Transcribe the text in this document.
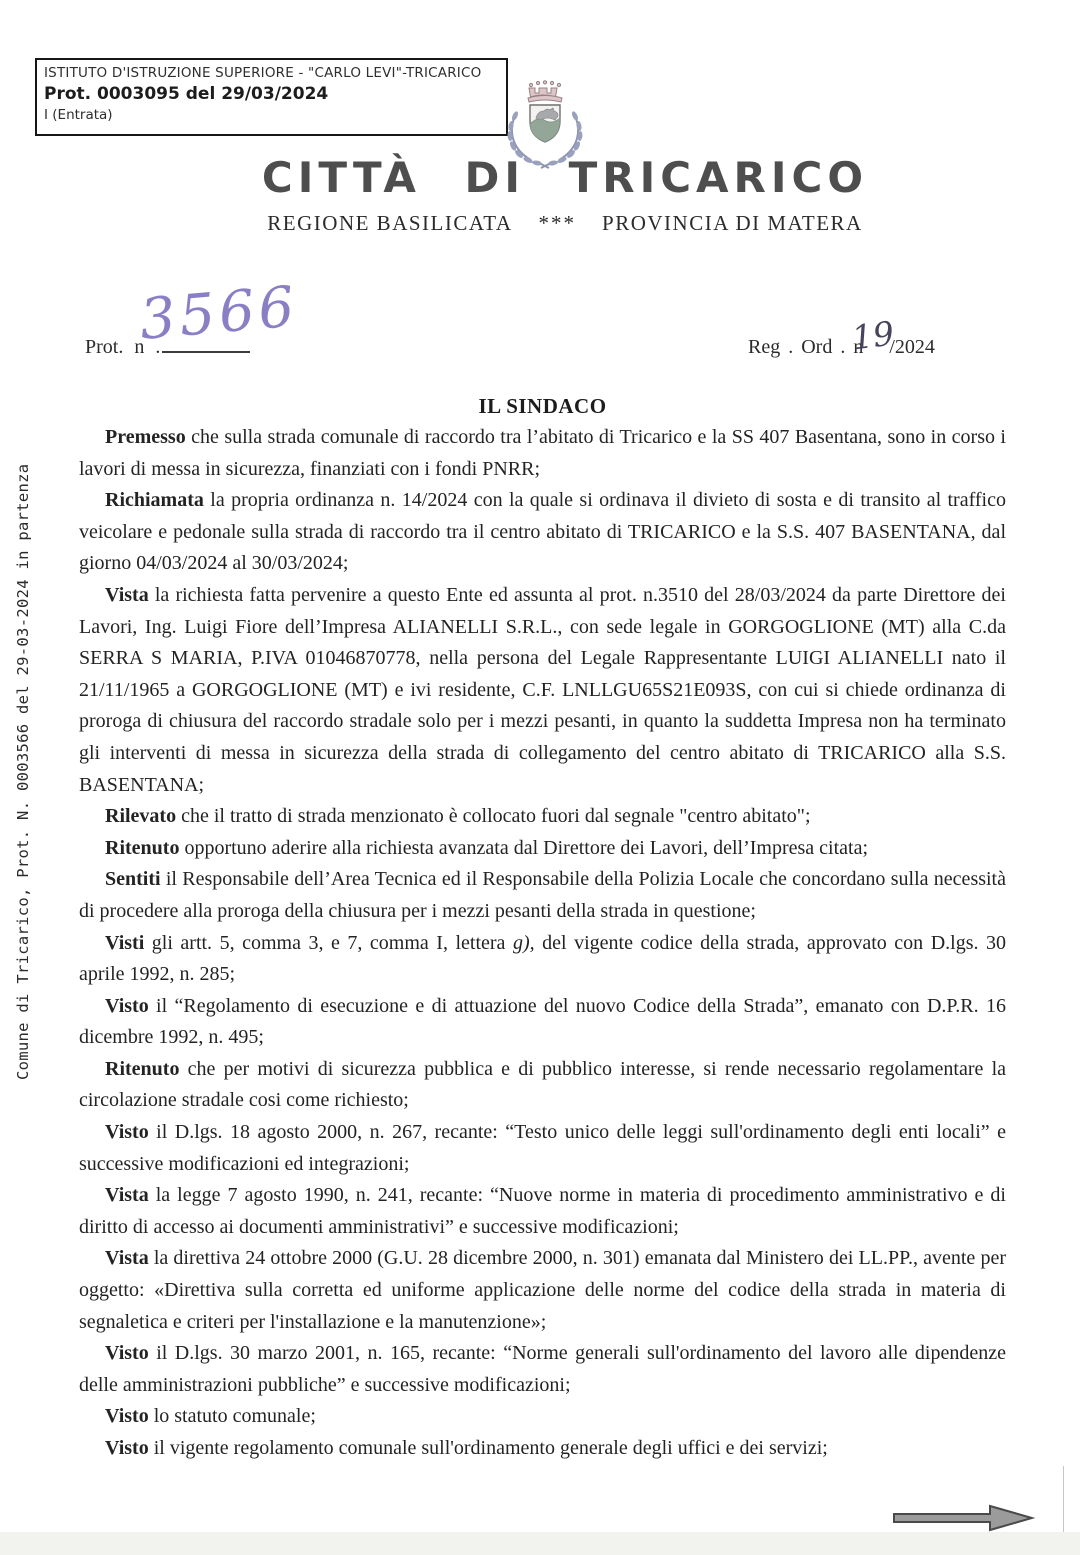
ISTITUTO D'ISTRUZIONE SUPERIORE - "CARLO LEVI"-TRICARICO
Prot. 0003095 del 29/03/2024
I (Entrata)
CITTÀ DI TRICARICO
REGIONE BASILICATA *** PROVINCIA DI MATERA
Prot. n .
3566	Reg . Ord . n /2024
19
IL SINDACO

Premesso che sulla strada comunale di raccordo tra l’abitato di Tricarico e la SS 407 Basentana, sono in corso i lavori di messa in sicurezza, finanziati con i fondi PNRR;

Richiamata la propria ordinanza n. 14/2024 con la quale si ordinava il divieto di sosta e di transito al traffico veicolare e pedonale sulla strada di raccordo tra il centro abitato di TRICARICO e la S.S. 407 BASENTANA, dal giorno 04/03/2024 al 30/03/2024;

Vista la richiesta fatta pervenire a questo Ente ed assunta al prot. n.3510 del 28/03/2024 da parte Direttore dei Lavori, Ing. Luigi Fiore dell’Impresa ALIANELLI S.R.L., con sede legale in GORGOGLIONE (MT) alla C.da SERRA S MARIA, P.IVA 01046870778, nella persona del Legale Rappresentante LUIGI ALIANELLI nato il 21/11/1965 a GORGOGLIONE (MT) e ivi residente, C.F. LNLLGU65S21E093S, con cui si chiede ordinanza di proroga di chiusura del raccordo stradale solo per i mezzi pesanti, in quanto la suddetta Impresa non ha terminato gli interventi di messa in sicurezza della strada di collegamento del centro abitato di TRICARICO alla S.S. BASENTANA;

Rilevato che il tratto di strada menzionato è collocato fuori dal segnale "centro abitato";

Ritenuto opportuno aderire alla richiesta avanzata dal Direttore dei Lavori, dell’Impresa citata;

Sentiti il Responsabile dell’Area Tecnica ed il Responsabile della Polizia Locale che concordano sulla necessità di procedere alla proroga della chiusura per i mezzi pesanti della strada in questione;

Visti gli artt. 5, comma 3, e 7, comma I, lettera g), del vigente codice della strada, approvato con D.lgs. 30 aprile 1992, n. 285;

Visto il “Regolamento di esecuzione e di attuazione del nuovo Codice della Strada”, emanato con D.P.R. 16 dicembre 1992, n. 495;

Ritenuto che per motivi di sicurezza pubblica e di pubblico interesse, si rende necessario regolamentare la circolazione stradale cosi come richiesto;

Visto il D.lgs. 18 agosto 2000, n. 267, recante: “Testo unico delle leggi sull'ordinamento degli enti locali” e successive modificazioni ed integrazioni;

Vista la legge 7 agosto 1990, n. 241, recante: “Nuove norme in materia di procedimento amministrativo e di diritto di accesso ai documenti amministrativi” e successive modificazioni;

Vista la direttiva 24 ottobre 2000 (G.U. 28 dicembre 2000, n. 301) emanata dal Ministero dei LL.PP., avente per oggetto: «Direttiva sulla corretta ed uniforme applicazione delle norme del codice della strada in materia di segnaletica e criteri per l'installazione e la manutenzione»;

Visto il D.lgs. 30 marzo 2001, n. 165, recante: “Norme generali sull'ordinamento del lavoro alle dipendenze delle amministrazioni pubbliche” e successive modificazioni;

Visto lo statuto comunale;

Visto il vigente regolamento comunale sull'ordinamento generale degli uffici e dei servizi;

Comune di Tricarico, Prot. N. 0003566 del 29-03-2024 in partenza
